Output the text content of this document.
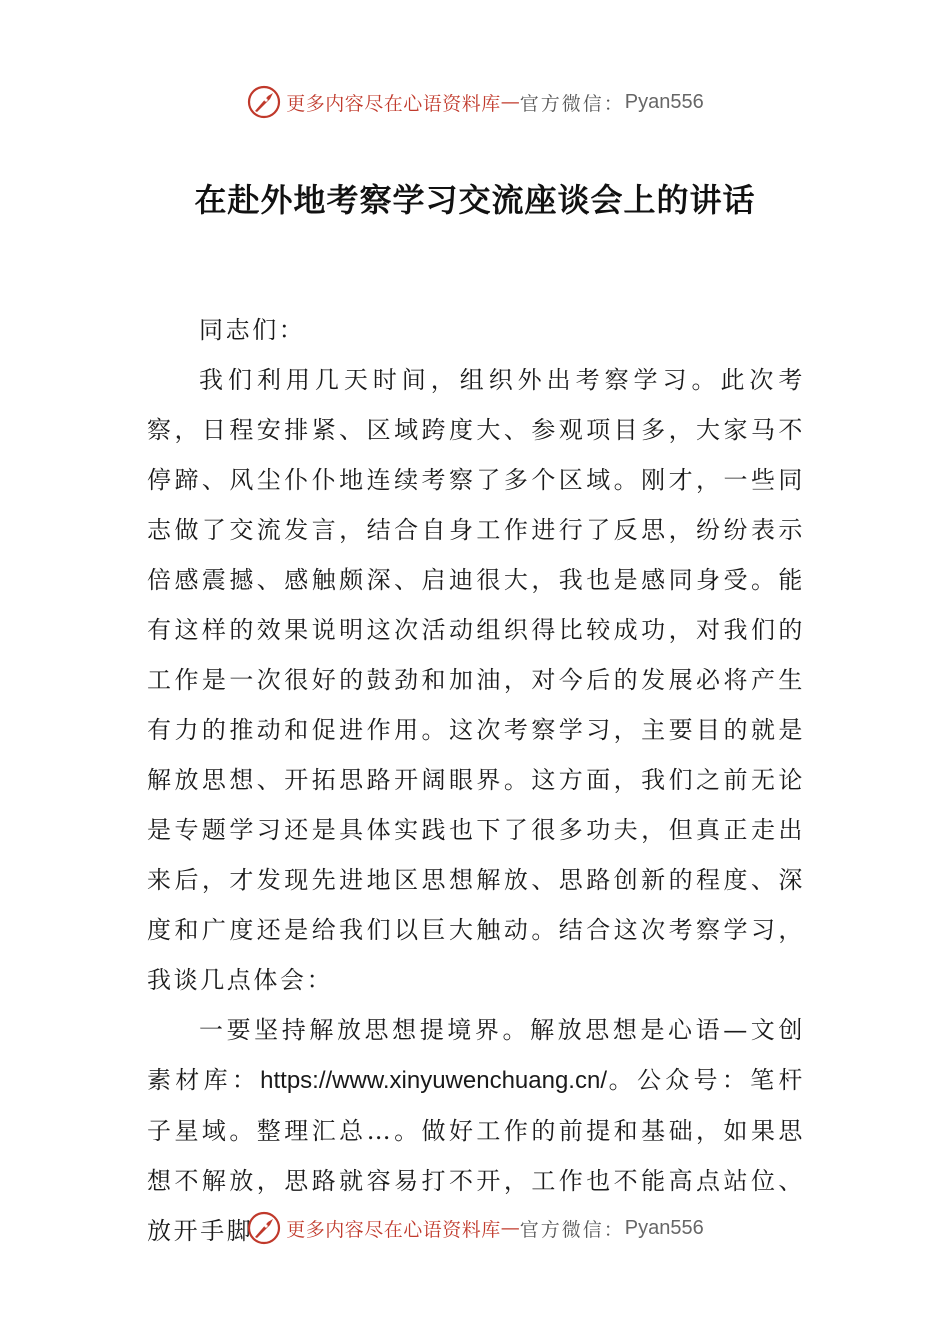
更多内容尽在心语资料库 — 官方微信： Pyan556
在赴外地考察学习交流座谈会上的讲话

同志们：

我们利用几天时间，组织外出考察学习。此次考察，日程安排紧、区域跨度大、参观项目多，大家马不停蹄、风尘仆仆地连续考察了多个区域。刚才，一些同志做了交流发言，结合自身工作进行了反思，纷纷表示倍感震撼、感触颇深、启迪很大，我也是感同身受。能有这样的效果说明这次活动组织得比较成功，对我们的工作是一次很好的鼓劲和加油，对今后的发展必将产生有力的推动和促进作用。这次考察学习，主要目的就是解放思想、开拓思路开阔眼界。这方面，我们之前无论是专题学习还是具体实践也下了很多功夫，但真正走出来后，才发现先进地区思想解放、思路创新的程度、深度和广度还是给我们以巨大触动。结合这次考察学习，我谈几点体会：

一要坚持解放思想提境界。解放思想是心语—文创素材库：https://www.xinyuwenchuang.cn/。公众号：笔杆子星域。整理汇总…。做好工作的前提和基础，如果思想不解放，思路就容易打不开，工作也不能高点站位、放开手脚	更多内容尽在心语资料库 — 官方微信： Pyan556
